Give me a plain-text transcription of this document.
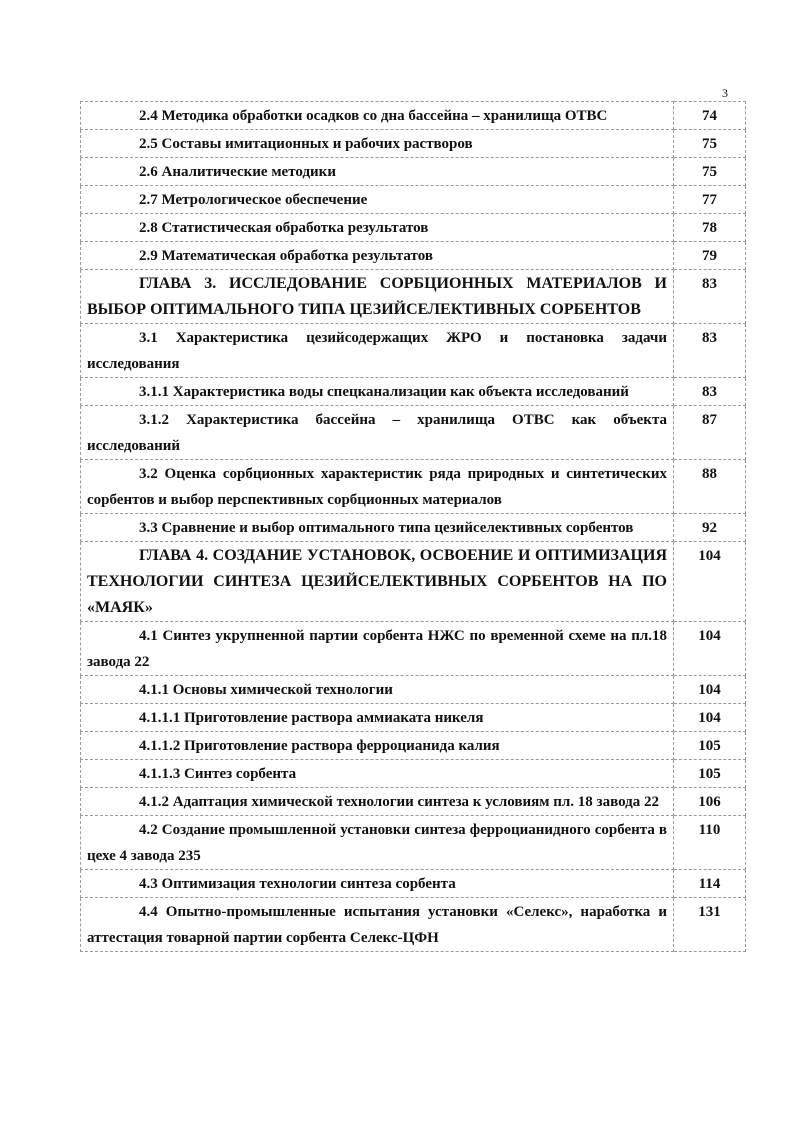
3
2.4 Методика обработки осадков со дна бассейна – хранилища ОТВС	74
2.5 Составы имитационных и рабочих растворов	75
2.6 Аналитические методики	75
2.7 Метрологическое обеспечение	77
2.8 Статистическая обработка результатов	78
2.9 Математическая обработка результатов	79
ГЛАВА 3. ИССЛЕДОВАНИЕ СОРБЦИОННЫХ МАТЕРИАЛОВ И ВЫБОР ОПТИМАЛЬНОГО ТИПА ЦЕЗИЙСЕЛЕКТИВНЫХ СОРБЕНТОВ	83
3.1 Характеристика цезийсодержащих ЖРО и постановка задачи исследования	83
3.1.1 Характеристика воды спецканализации как объекта исследований	83
3.1.2 Характеристика бассейна – хранилища ОТВС как объекта исследований	87
3.2 Оценка сорбционных характеристик ряда природных и синтетических сорбентов и выбор перспективных сорбционных материалов	88
3.3 Сравнение и выбор оптимального типа цезийселективных сорбентов	92
ГЛАВА 4. СОЗДАНИЕ УСТАНОВОК, ОСВОЕНИЕ И ОПТИМИЗАЦИЯ ТЕХНОЛОГИИ СИНТЕЗА ЦЕЗИЙСЕЛЕКТИВНЫХ СОРБЕНТОВ НА ПО «МАЯК»	104
4.1 Синтез укрупненной партии сорбента НЖС по временной схеме на пл.18 завода 22	104
4.1.1 Основы химической технологии	104
4.1.1.1 Приготовление раствора аммиаката никеля	104
4.1.1.2 Приготовление раствора ферроцианида калия	105
4.1.1.3 Синтез сорбента	105
4.1.2 Адаптация химической технологии синтеза к условиям пл. 18 завода 22	106
4.2 Создание промышленной установки синтеза ферроцианидного сорбента в цехе 4 завода 235	110
4.3 Оптимизация технологии синтеза сорбента	114
4.4 Опытно-промышленные испытания установки «Селекс», наработка и аттестация товарной партии сорбента Селекс-ЦФН	131
